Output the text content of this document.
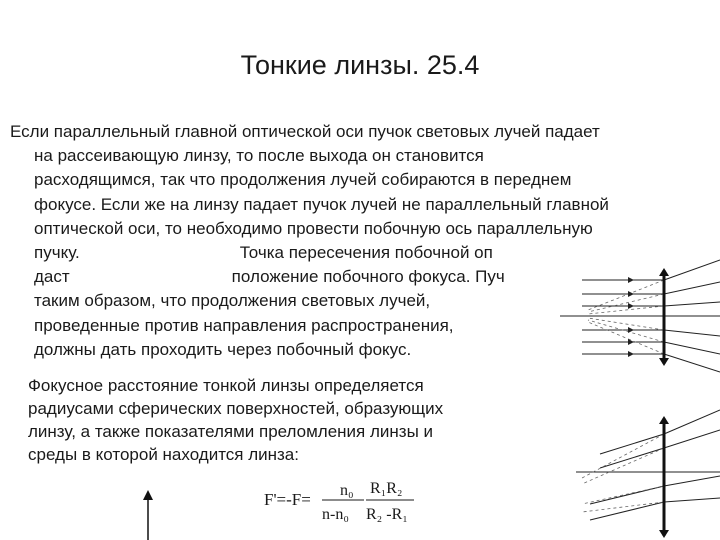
Тонкие линзы. 25.4
Если параллельный главной оптической оси пучок световых лучей падает
на рассеивающую линзу, то после выхода он становится
расходящимся, так что продолжения лучей собираются в переднем
фокусе. Если же на линзу падает пучок лучей не параллельный главной
оптической оси, то необходимо провести побочную ось параллельную
пучку.	Точка пересечения побочной оп
даст	положение побочного фокуса. Пуч
таким образом, что продолжения световых лучей,
проведенные против направления распространения,
должны дать проходить через побочный фокус.
Фокусное расстояние тонкой линзы определяется
радиусами сферических поверхностей, образующих
линзу, а также показателями преломления линзы и
среды в которой находится линза:
F'=-F= n₀
n-n₀
R₁R₂
R₂ -R₁
